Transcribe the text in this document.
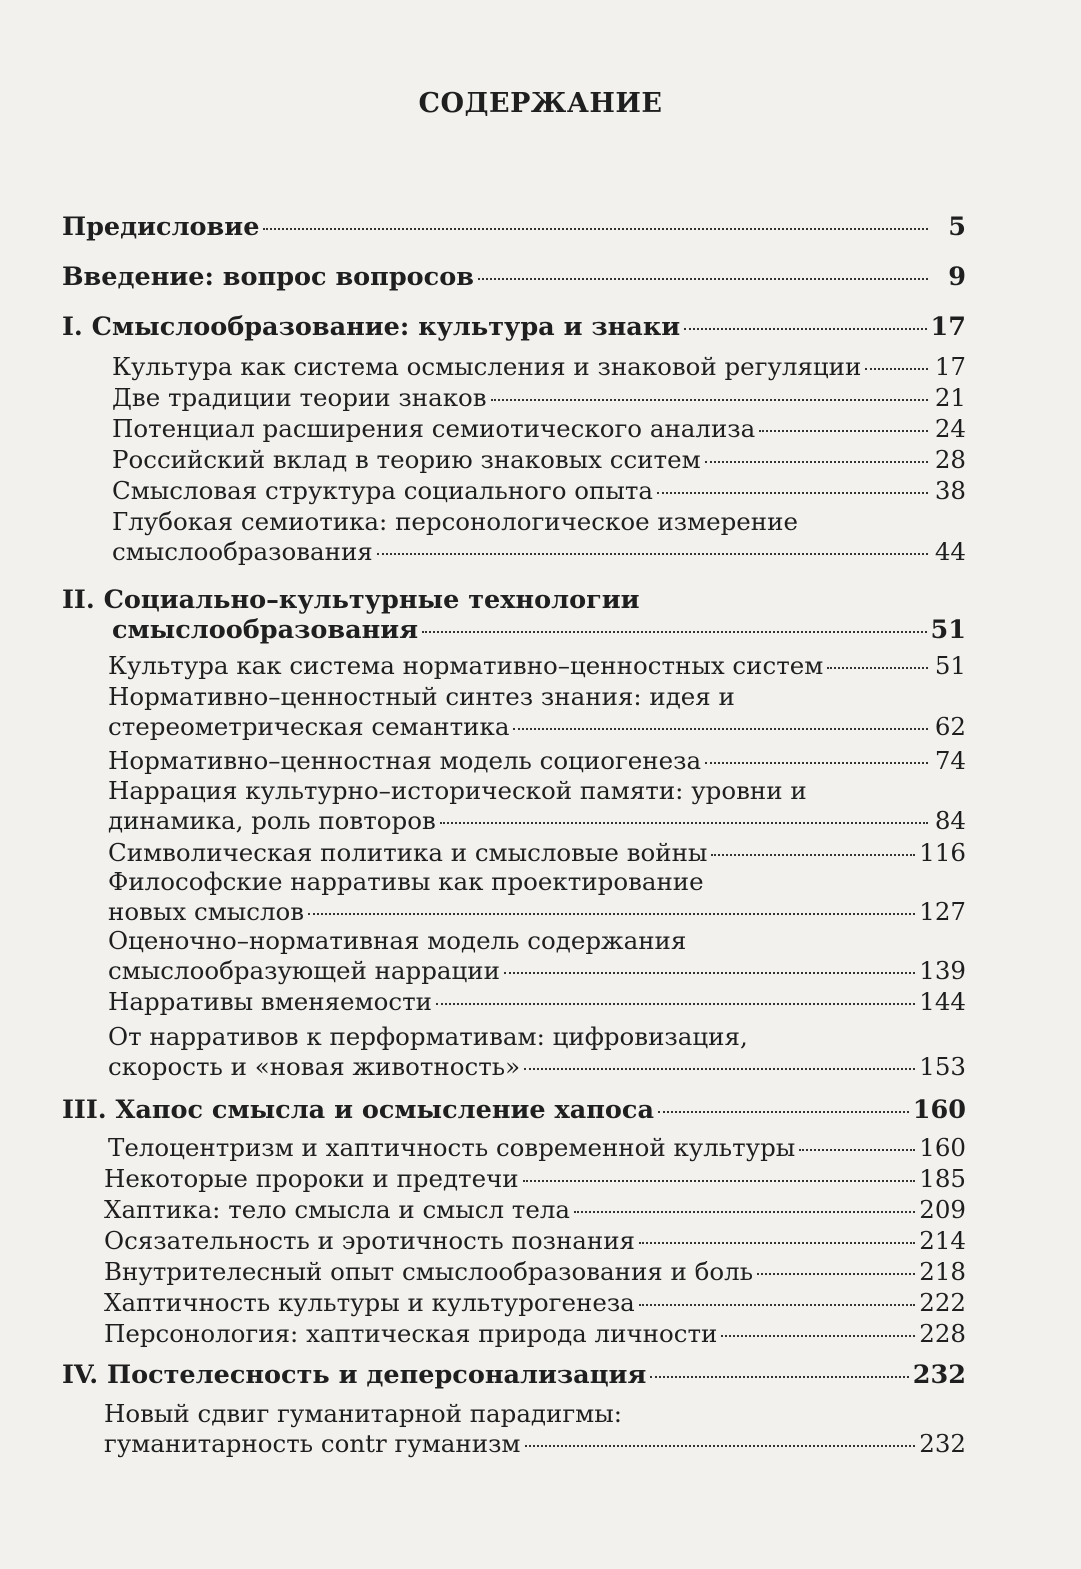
СОДЕРЖАНИЕ
Предисловие	5
Введение: вопрос вопросов	9
I. Смыслообразование: культура и знаки	17
Культура как система осмысления и знаковой регуляции	17
Две традиции теории знаков	21
Потенциал расширения семиотического анализа	24
Российский вклад в теорию знаковых сситем	28
Смысловая структура социального опыта	38
Глубокая семиотика: персонологическое измерение
смыслообразования	44
II. Социально–культурные технологии
смыслообразования	51
Культура как система нормативно–ценностных систем	51
Нормативно–ценностный синтез знания: идея и
стереометрическая семантика	62
Нормативно–ценностная модель социогенеза	74
Наррация культурно–исторической памяти: уровни и
динамика, роль повторов	84
Символическая политика и смысловые войны	116
Философские нарративы как проектирование
новых смыслов	127
Оценочно–нормативная модель содержания
смыслообразующей наррации	139
Нарративы вменяемости	144
От нарративов к перформативам: цифровизация,
скорость и «новая животность»	153
III. Хапос смысла и осмысление хапоса	160
Телоцентризм и хаптичность современной культуры	160
Некоторые пророки и предтечи	185
Хаптика: тело смысла и смысл тела	209
Осязательность и эротичность познания	214
Внутрителесный опыт смыслообразования и боль	218
Хаптичность культуры и культурогенеза	222
Персонология: хаптическая природа личности	228
IV. Постелесность и деперсонализация	232
Новый сдвиг гуманитарной парадигмы:
гуманитарность contr гуманизм	232
